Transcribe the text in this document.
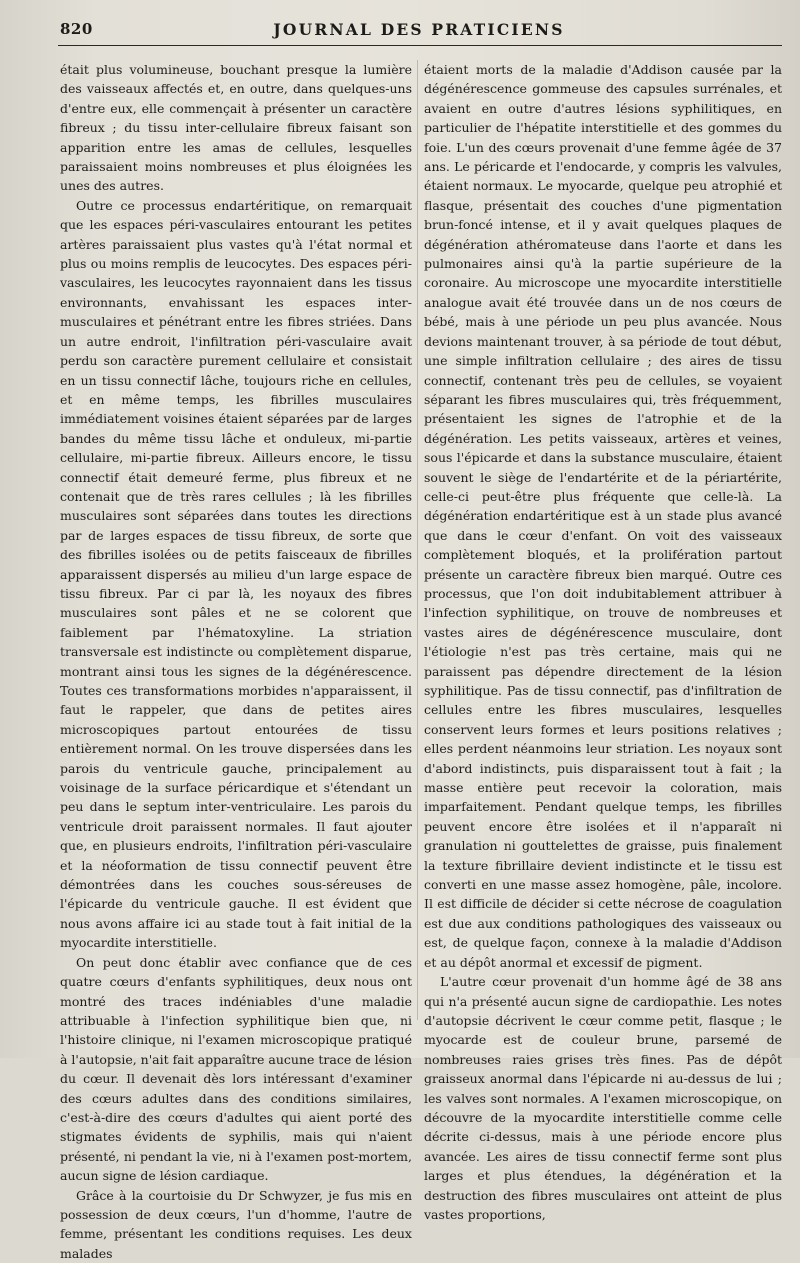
820	JOURNAL DES PRATICIENS

était plus volumineuse, bouchant presque la lumière des vaisseaux affectés et, en outre, dans quelques-uns d'entre eux, elle commençait à présenter un caractère fibreux ; du tissu inter-cellulaire fibreux faisant son apparition entre les amas de cellules, lesquelles paraissaient moins nombreuses et plus éloignées les unes des autres.

Outre ce processus endartéritique, on remarquait que les espaces péri-vasculaires entourant les petites artères paraissaient plus vastes qu'à l'état normal et plus ou moins remplis de leucocytes. Des espaces péri-vasculaires, les leucocytes rayonnaient dans les tissus environnants, envahissant les espaces inter-musculaires et pénétrant entre les fibres striées. Dans un autre endroit, l'infiltration péri-vasculaire avait perdu son caractère purement cellulaire et consistait en un tissu connectif lâche, toujours riche en cellules, et en même temps, les fibrilles musculaires immédiatement voisines étaient séparées par de larges bandes du même tissu lâche et onduleux, mi-partie cellulaire, mi-partie fibreux. Ailleurs encore, le tissu connectif était demeuré ferme, plus fibreux et ne contenait que de très rares cellules ; là les fibrilles musculaires sont séparées dans toutes les directions par de larges espaces de tissu fibreux, de sorte que des fibrilles isolées ou de petits faisceaux de fibrilles apparaissent dispersés au milieu d'un large espace de tissu fibreux. Par ci par là, les noyaux des fibres musculaires sont pâles et ne se colorent que faiblement par l'hématoxyline. La striation transversale est indistincte ou complètement disparue, montrant ainsi tous les signes de la dégénérescence. Toutes ces transformations morbides n'apparaissent, il faut le rappeler, que dans de petites aires microscopiques partout entourées de tissu entièrement normal. On les trouve dispersées dans les parois du ventricule gauche, principalement au voisinage de la surface péricardique et s'étendant un peu dans le septum inter-ventriculaire. Les parois du ventricule droit paraissent normales. Il faut ajouter que, en plusieurs endroits, l'infiltration péri-vasculaire et la néoformation de tissu connectif peuvent être démontrées dans les couches sous-séreuses de l'épicarde du ventricule gauche. Il est évident que nous avons affaire ici au stade tout à fait initial de la myocardite interstitielle.

On peut donc établir avec confiance que de ces quatre cœurs d'enfants syphilitiques, deux nous ont montré des traces indéniables d'une maladie attribuable à l'infection syphilitique bien que, ni l'histoire clinique, ni l'examen microscopique pratiqué à l'autopsie, n'ait fait apparaître aucune trace de lésion du cœur. Il devenait dès lors intéressant d'examiner des cœurs adultes dans des conditions similaires, c'est-à-dire des cœurs d'adultes qui aient porté des stigmates évidents de syphilis, mais qui n'aient présenté, ni pendant la vie, ni à l'examen post-mortem, aucun signe de lésion cardiaque.

Grâce à la courtoisie du Dr Schwyzer, je fus mis en possession de deux cœurs, l'un d'homme, l'autre de femme, présentant les conditions requises. Les deux malades

étaient morts de la maladie d'Addison causée par la dégénérescence gommeuse des capsules surrénales, et avaient en outre d'autres lésions syphilitiques, en particulier de l'hépatite interstitielle et des gommes du foie. L'un des cœurs provenait d'une femme âgée de 37 ans. Le péricarde et l'endocarde, y compris les valvules, étaient normaux. Le myocarde, quelque peu atrophié et flasque, présentait des couches d'une pigmentation brun-foncé intense, et il y avait quelques plaques de dégénération athéromateuse dans l'aorte et dans les pulmonaires ainsi qu'à la partie supérieure de la coronaire. Au microscope une myocardite interstitielle analogue avait été trouvée dans un de nos cœurs de bébé, mais à une période un peu plus avancée. Nous devions maintenant trouver, à sa période de tout début, une simple infiltration cellulaire ; des aires de tissu connectif, contenant très peu de cellules, se voyaient séparant les fibres musculaires qui, très fréquemment, présentaient les signes de l'atrophie et de la dégénération. Les petits vaisseaux, artères et veines, sous l'épicarde et dans la substance musculaire, étaient souvent le siège de l'endartérite et de la périartérite, celle-ci peut-être plus fréquente que celle-là. La dégénération endartéritique est à un stade plus avancé que dans le cœur d'enfant. On voit des vaisseaux complètement bloqués, et la prolifération partout présente un caractère fibreux bien marqué. Outre ces processus, que l'on doit indubitablement attribuer à l'infection syphilitique, on trouve de nombreuses et vastes aires de dégénérescence musculaire, dont l'étiologie n'est pas très certaine, mais qui ne paraissent pas dépendre directement de la lésion syphilitique. Pas de tissu connectif, pas d'infiltration de cellules entre les fibres musculaires, lesquelles conservent leurs formes et leurs positions relatives ; elles perdent néanmoins leur striation. Les noyaux sont d'abord indistincts, puis disparaissent tout à fait ; la masse entière peut recevoir la coloration, mais imparfaitement. Pendant quelque temps, les fibrilles peuvent encore être isolées et il n'apparaît ni granulation ni gouttelettes de graisse, puis finalement la texture fibrillaire devient indistincte et le tissu est converti en une masse assez homogène, pâle, incolore. Il est difficile de décider si cette nécrose de coagulation est due aux conditions pathologiques des vaisseaux ou est, de quelque façon, connexe à la maladie d'Addison et au dépôt anormal et excessif de pigment.

L'autre cœur provenait d'un homme âgé de 38 ans qui n'a présenté aucun signe de cardiopathie. Les notes d'autopsie décrivent le cœur comme petit, flasque ; le myocarde est de couleur brune, parsemé de nombreuses raies grises très fines. Pas de dépôt graisseux anormal dans l'épicarde ni au-dessus de lui ; les valves sont normales. A l'examen microscopique, on découvre de la myocardite interstitielle comme celle décrite ci-dessus, mais à une période encore plus avancée. Les aires de tissu connectif ferme sont plus larges et plus étendues, la dégénération et la destruction des fibres musculaires ont atteint de plus vastes proportions,
